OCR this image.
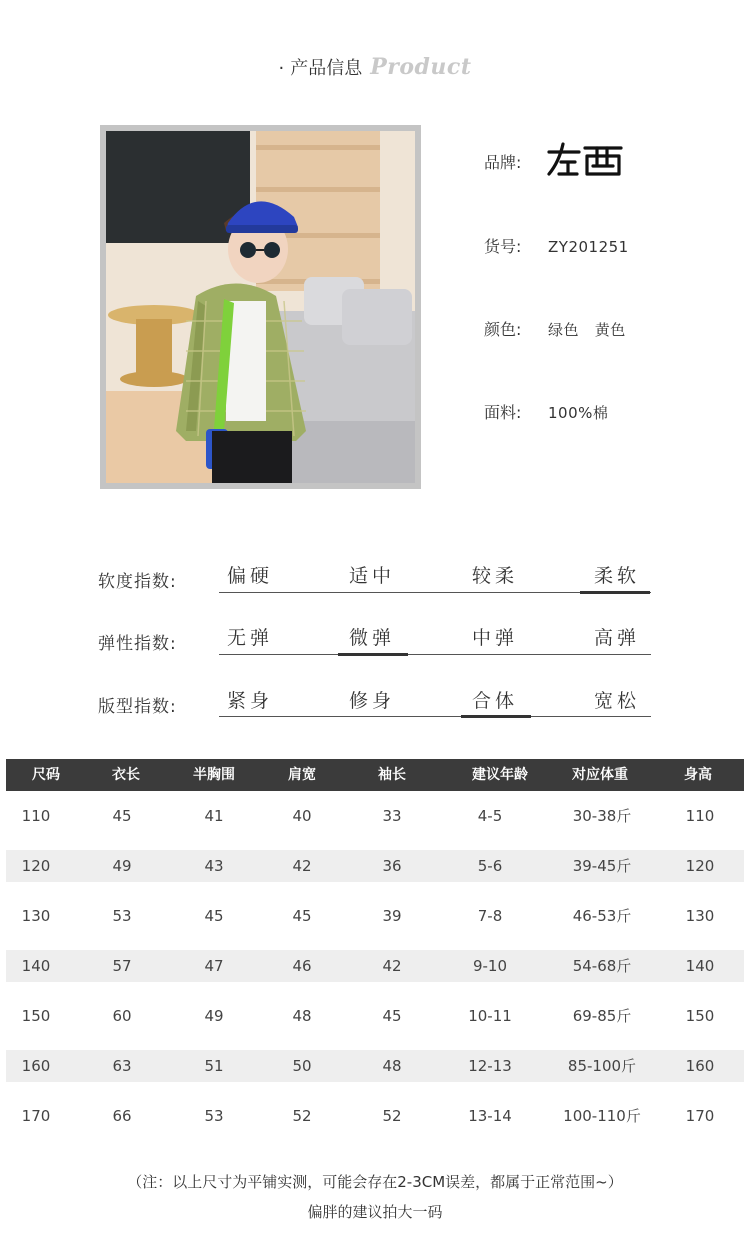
· 产品信息 Product
品牌:
货号: ZY201251
颜色: 绿色   黄色
面料: 100%棉
软度指数:	偏硬	适中	较柔	柔软
弹性指数:	无弹	微弹	中弹	高弹
版型指数:	紧身	修身	合体	宽松
尺码	衣长	半胸围	肩宽	袖长	建议年龄	对应体重	身高
110	45	41	40	33	4-5	30-38斤	110
120	49	43	42	36	5-6	39-45斤	120
130	53	45	45	39	7-8	46-53斤	130
140	57	47	46	42	9-10	54-68斤	140
150	60	49	48	45	10-11	69-85斤	150
160	63	51	50	48	12-13	85-100斤	160
170	66	53	52	52	13-14	100-110斤	170
（注：以上尺寸为平铺实测，可能会存在2-3CM误差，都属于正常范围~）
偏胖的建议拍大一码
